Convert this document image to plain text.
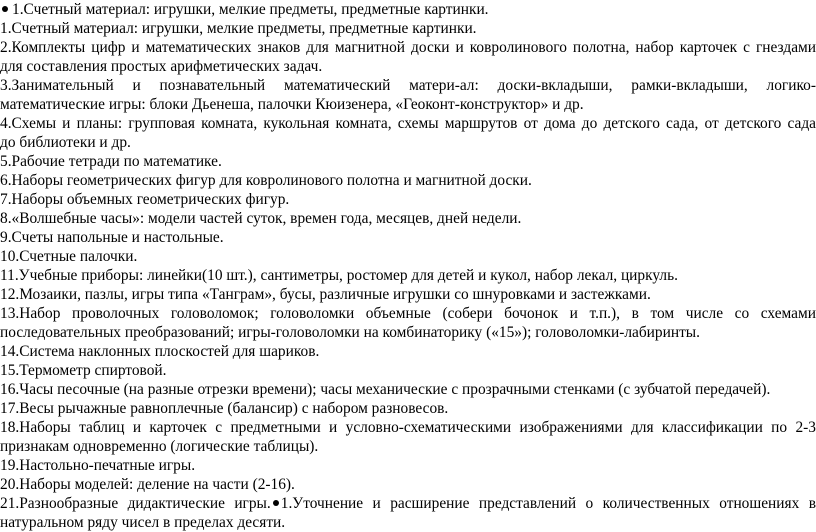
1.Счетный материал: игрушки, мелкие предметы, предметные картинки.
1.Счетный материал: игрушки, мелкие предметы, предметные картинки.
2.Комплекты цифр и математических знаков для магнитной доски и ковролинового полотна, набор карточек с гнездами
для составления простых арифметических задач.
3.Занимательный и познавательный математический матери-ал: доски-вкладыши, рамки-вкладыши, логико-
математические игры: блоки Дьенеша, палочки Кюизенера, «Геоконт-конструктор» и др.
4.Схемы и планы: групповая комната, кукольная комната, схемы маршрутов от дома до детского сада, от детского сада
до библиотеки и др.
5.Рабочие тетради по математике.
6.Наборы геометрических фигур для ковролинового полотна и магнитной доски.
7.Наборы объемных геометрических фигур.
8.«Волшебные часы»: модели частей суток, времен года, месяцев, дней недели.
9.Счеты напольные и настольные.
10.Счетные палочки.
11.Учебные приборы: линейки(10 шт.), сантиметры, ростомер для детей и кукол, набор лекал, циркуль.
12.Мозаики, пазлы, игры типа «Танграм», бусы, различные игрушки со шнуровками и застежками.
13.Набор проволочных головоломок; головоломки объемные (собери бочонок и т.п.), в том числе со схемами
последовательных преобразований; игры-головоломки на комбинаторику («15»); головоломки-лабиринты.
14.Система наклонных плоскостей для шариков.
15.Термометр спиртовой.
16.Часы песочные (на разные отрезки времени); часы механические с прозрачными стенками (с зубчатой передачей).
17.Весы рычажные равноплечные (балансир) с набором разновесов.
18.Наборы таблиц и карточек с предметными и условно-схематическими изображениями для классификации по 2-3
признакам одновременно (логические таблицы).
19.Настольно-печатные игры.
20.Наборы моделей: деление на части (2-16).
21.Разнообразные дидактические игры. 1.Уточнение и расширение представлений о количественных отношениях в
натуральном ряду чисел в пределах десяти.
